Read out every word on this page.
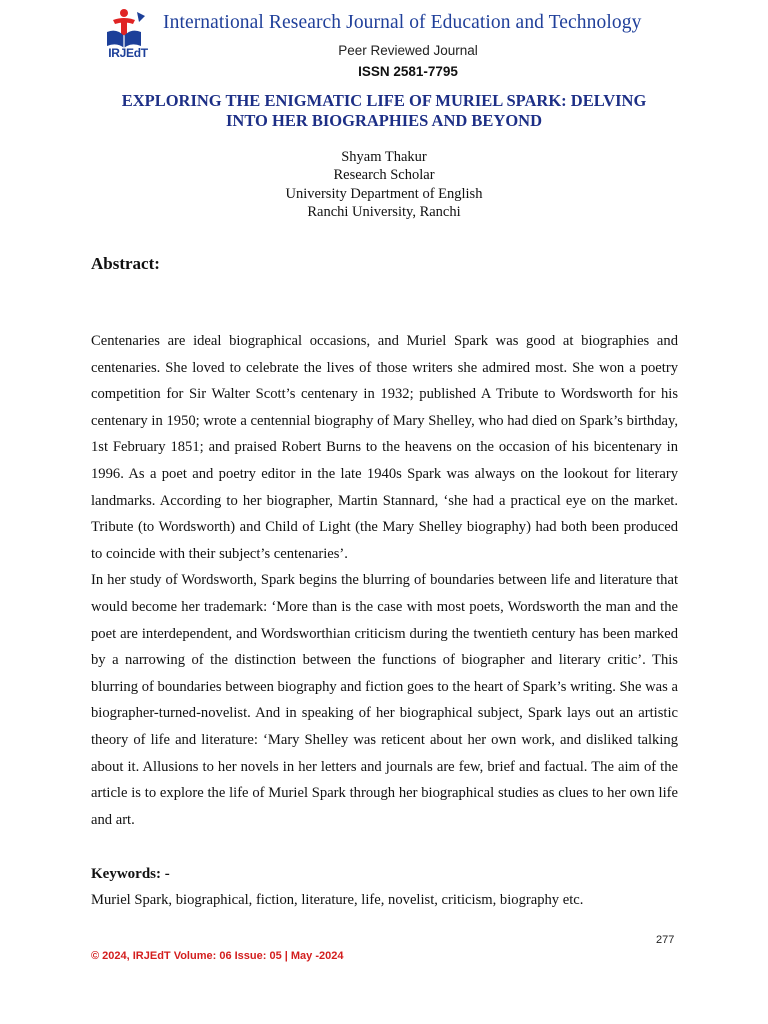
IRJEdT
International Research Journal of Education and Technology
Peer Reviewed Journal
ISSN 2581-7795
EXPLORING THE ENIGMATIC LIFE OF MURIEL SPARK: DELVING
INTO HER BIOGRAPHIES AND BEYOND
Shyam Thakur
Research Scholar
University Department of English
Ranchi University, Ranchi
Abstract:

Centenaries are ideal biographical occasions, and Muriel Spark was good at biographies and centenaries. She loved to celebrate the lives of those writers she admired most. She won a poetry competition for Sir Walter Scott’s centenary in 1932; published A Tribute to Wordsworth for his centenary in 1950; wrote a centennial biography of Mary Shelley, who had died on Spark’s birthday, 1st February 1851; and praised Robert Burns to the heavens on the occasion of his bicentenary in 1996. As a poet and poetry editor in the late 1940s Spark was always on the lookout for literary landmarks. According to her biographer, Martin Stannard, ‘she had a practical eye on the market. Tribute (to Wordsworth) and Child of Light (the Mary Shelley biography) had both been produced to coincide with their subject’s centenaries’.

In her study of Wordsworth, Spark begins the blurring of boundaries between life and literature that would become her trademark: ‘More than is the case with most poets, Wordsworth the man and the poet are interdependent, and Wordsworthian criticism during the twentieth century has been marked by a narrowing of the distinction between the functions of biographer and literary critic’. This blurring of boundaries between biography and fiction goes to the heart of Spark’s writing. She was a biographer-turned-novelist. And in speaking of her biographical subject, Spark lays out an artistic theory of life and literature: ‘Mary Shelley was reticent about her own work, and disliked talking about it. Allusions to her novels in her letters and journals are few, brief and factual. The aim of the article is to explore the life of Muriel Spark through her biographical studies as clues to her own life and art.

Keywords: -
Muriel Spark, biographical, fiction, literature, life, novelist, criticism, biography etc.
277
© 2024, IRJEdT Volume: 06 Issue: 05 | May -2024
